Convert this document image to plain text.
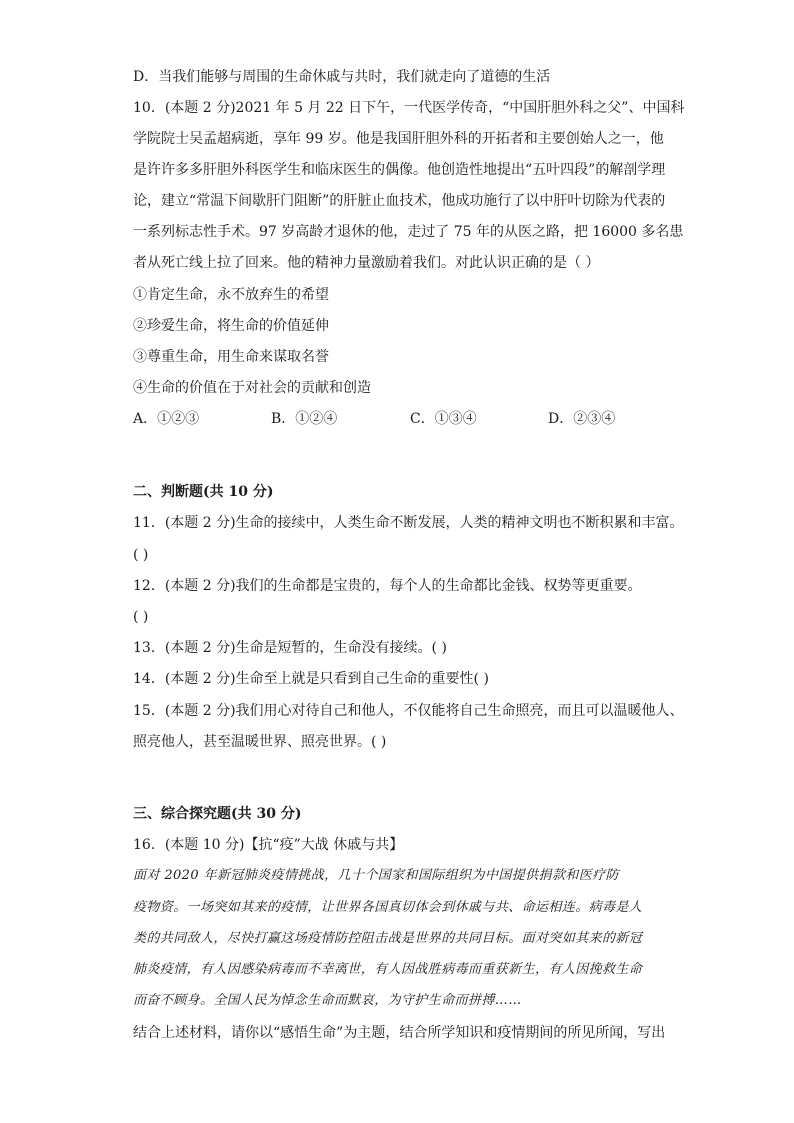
D．当我们能够与周围的生命休戚与共时，我们就走向了道德的生活
10．(本题 2 分)2021 年 5 月 22 日下午，一代医学传奇，“中国肝胆外科之父”、中国科
学院院士吴孟超病逝，享年 99 岁。他是我国肝胆外科的开拓者和主要创始人之一，他
是许许多多肝胆外科医学生和临床医生的偶像。他创造性地提出“五叶四段”的解剖学理
论，建立“常温下间歇肝门阻断”的肝脏止血技术，他成功施行了以中肝叶切除为代表的
一系列标志性手术。97 岁高龄才退休的他，走过了 75 年的从医之路，把 16000 多名患
者从死亡线上拉了回来。他的精神力量激励着我们。对此认识正确的是（ ）
①肯定生命，永不放弃生的希望
②珍爱生命，将生命的价值延伸
③尊重生命，用生命来谋取名誉
④生命的价值在于对社会的贡献和创造
A．①②③	B．①②④	C．①③④	D．②③④
二、判断题(共 10 分)
11．(本题 2 分)生命的接续中，人类生命不断发展，人类的精神文明也不断积累和丰富。
( )
12．(本题 2 分)我们的生命都是宝贵的，每个人的生命都比金钱、权势等更重要。
( )
13．(本题 2 分)生命是短暂的，生命没有接续。( )
14．(本题 2 分)生命至上就是只看到自己生命的重要性( )
15．(本题 2 分)我们用心对待自己和他人，不仅能将自己生命照亮，而且可以温暖他人、
照亮他人，甚至温暖世界、照亮世界。( )
三、综合探究题(共 30 分)
16．(本题 10 分)【抗“疫”大战 休戚与共】
面对 2020 年新冠肺炎疫情挑战，几十个国家和国际组织为中国提供捐款和医疗防
疫物资。一场突如其来的疫情，让世界各国真切体会到休戚与共、命运相连。病毒是人
类的共同敌人，尽快打赢这场疫情防控阻击战是世界的共同目标。面对突如其来的新冠
肺炎疫情，有人因感染病毒而不幸离世，有人因战胜病毒而重获新生，有人因挽救生命
而奋不顾身。全国人民为悼念生命而默哀，为守护生命而拼搏……
结合上述材料，请你以“感悟生命”为主题，结合所学知识和疫情期间的所见所闻，写出
